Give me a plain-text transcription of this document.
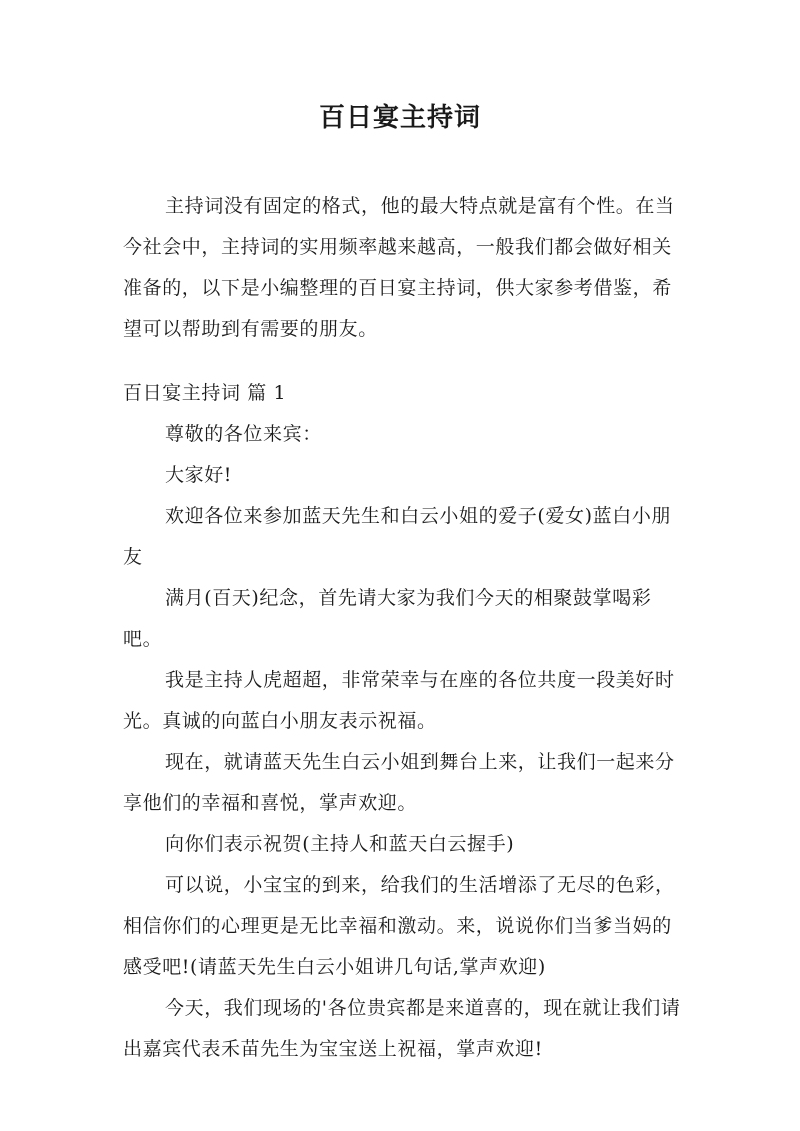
百日宴主持词

主持词没有固定的格式，他的最大特点就是富有个性。在当今社会中，主持词的实用频率越来越高，一般我们都会做好相关准备的，以下是小编整理的百日宴主持词，供大家参考借鉴，希望可以帮助到有需要的朋友。

百日宴主持词 篇 1

尊敬的各位来宾：

大家好!

欢迎各位来参加蓝天先生和白云小姐的爱子(爱女)蓝白小朋友

满月(百天)纪念，首先请大家为我们今天的相聚鼓掌喝彩吧。

我是主持人虎超超，非常荣幸与在座的各位共度一段美好时光。真诚的向蓝白小朋友表示祝福。

现在，就请蓝天先生白云小姐到舞台上来，让我们一起来分享他们的幸福和喜悦，掌声欢迎。

向你们表示祝贺(主持人和蓝天白云握手)

可以说，小宝宝的到来，给我们的生活增添了无尽的色彩，相信你们的心理更是无比幸福和激动。来，说说你们当爹当妈的感受吧!(请蓝天先生白云小姐讲几句话,掌声欢迎)

今天，我们现场的'各位贵宾都是来道喜的，现在就让我们请出嘉宾代表禾苗先生为宝宝送上祝福，掌声欢迎!
